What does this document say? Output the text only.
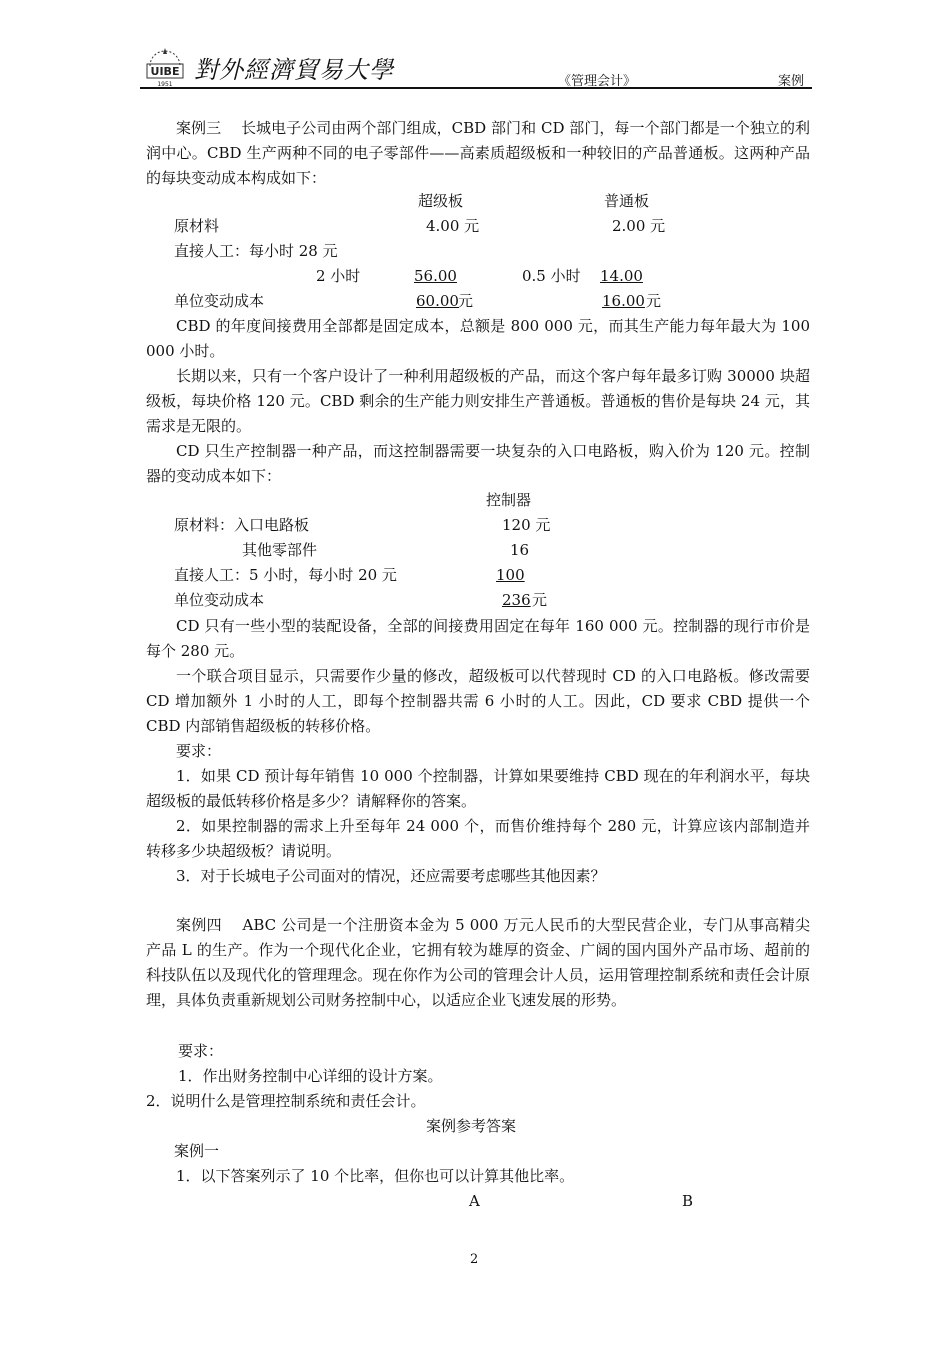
UIBE
1951
對外經濟貿易大學	《管理会计》	案例
案例三　 长城电子公司由两个部门组成，CBD 部门和 CD 部门，每一个部门都是一个独立的利润中心。CBD 生产两种不同的电子零部件——高素质超级板和一种较旧的产品普通板。这两种产品的每块变动成本构成如下：
超级板	普通板
原材料	4.00 元	2.00 元
直接人工：每小时 28 元
2 小时	56.00	0.5 小时 14.00
单位变动成本	60.00 元	16.00 元
CBD 的年度间接费用全部都是固定成本，总额是 800 000 元，而其生产能力每年最大为 100 000 小时。
长期以来，只有一个客户设计了一种利用超级板的产品，而这个客户每年最多订购 30000 块超级板，每块价格 120 元。CBD 剩余的生产能力则安排生产普通板。普通板的售价是每块 24 元，其需求是无限的。
CD 只生产控制器一种产品，而这控制器需要一块复杂的入口电路板，购入价为 120 元。控制器的变动成本如下：
控制器
原材料：入口电路板	120 元
其他零部件	16
直接人工：5 小时，每小时 20 元	100
单位变动成本	236 元
CD 只有一些小型的装配设备，全部的间接费用固定在每年 160 000 元。控制器的现行市价是每个 280 元。
一个联合项目显示，只需要作少量的修改，超级板可以代替现时 CD 的入口电路板。修改需要 CD 增加额外 1 小时的人工，即每个控制器共需 6 小时的人工。因此，CD 要求 CBD 提供一个 CBD 内部销售超级板的转移价格。
要求：
1．如果 CD 预计每年销售 10 000 个控制器，计算如果要维持 CBD 现在的年利润水平，每块超级板的最低转移价格是多少？请解释你的答案。
2．如果控制器的需求上升至每年 24 000 个，而售价维持每个 280 元，计算应该内部制造并转移多少块超级板？请说明。
3．对于长城电子公司面对的情况，还应需要考虑哪些其他因素？
案例四　 ABC 公司是一个注册资本金为 5 000 万元人民币的大型民营企业，专门从事高精尖产品 L 的生产。作为一个现代化企业，它拥有较为雄厚的资金、广阔的国内国外产品市场、超前的科技队伍以及现代化的管理理念。现在你作为公司的管理会计人员，运用管理控制系统和责任会计原理，具体负责重新规划公司财务控制中心，以适应企业飞速发展的形势。
要求：
1．作出财务控制中心详细的设计方案。
2．说明什么是管理控制系统和责任会计。
案例参考答案
案例一
1．以下答案列示了 10 个比率，但你也可以计算其他比率。
A	B
2
